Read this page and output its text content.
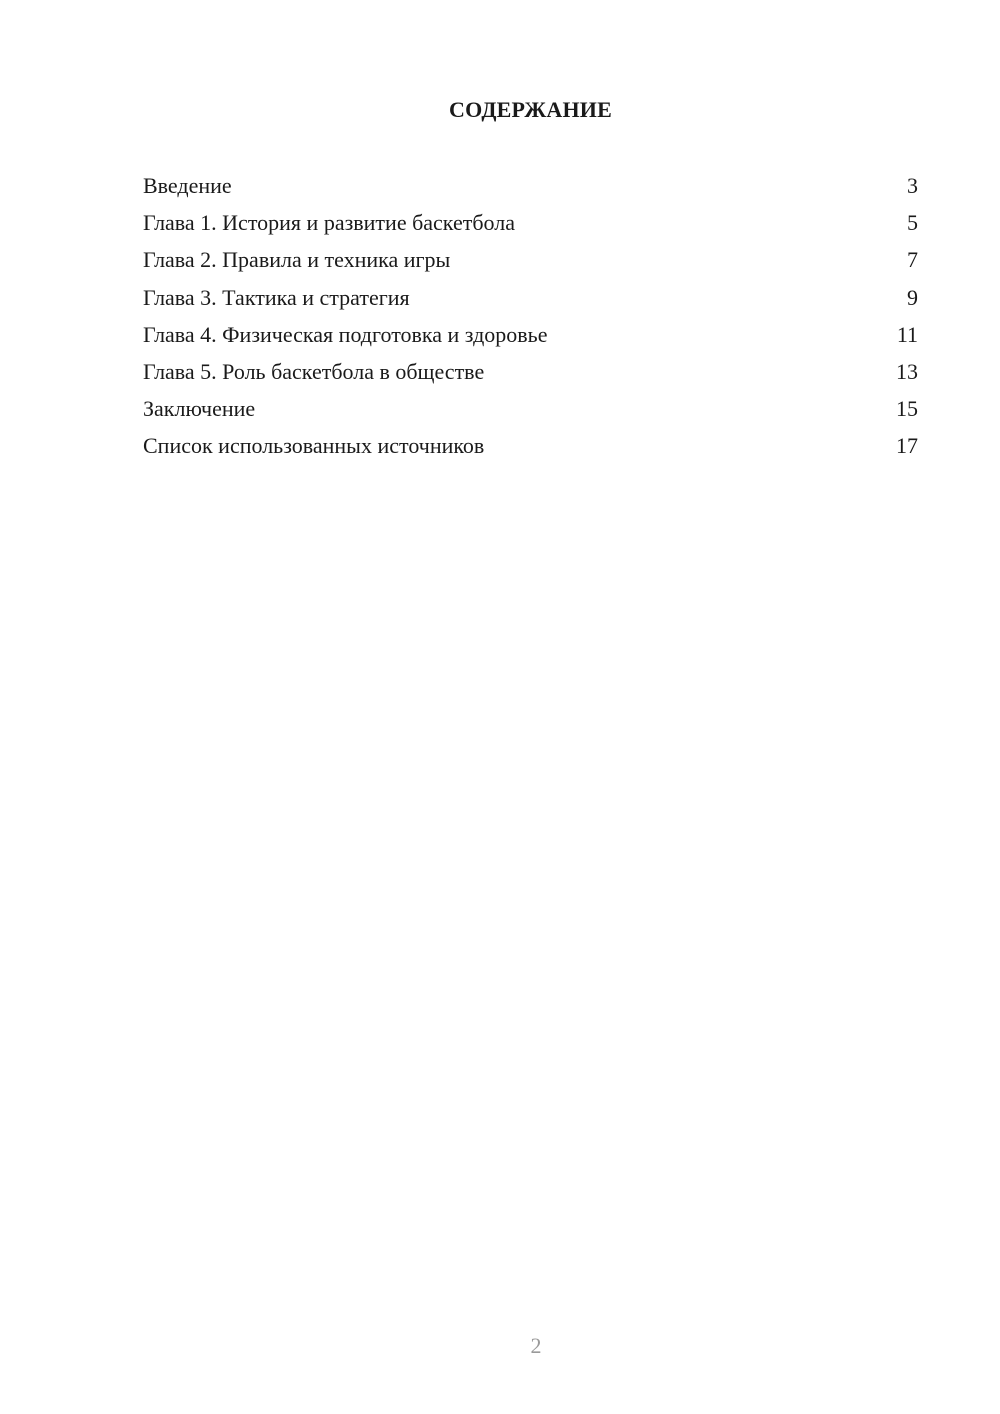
СОДЕРЖАНИЕ
Введение	3
Глава 1. История и развитие баскетбола	5
Глава 2. Правила и техника игры	7
Глава 3. Тактика и стратегия	9
Глава 4. Физическая подготовка и здоровье	11
Глава 5. Роль баскетбола в обществе	13
Заключение	15
Список использованных источников	17
2
